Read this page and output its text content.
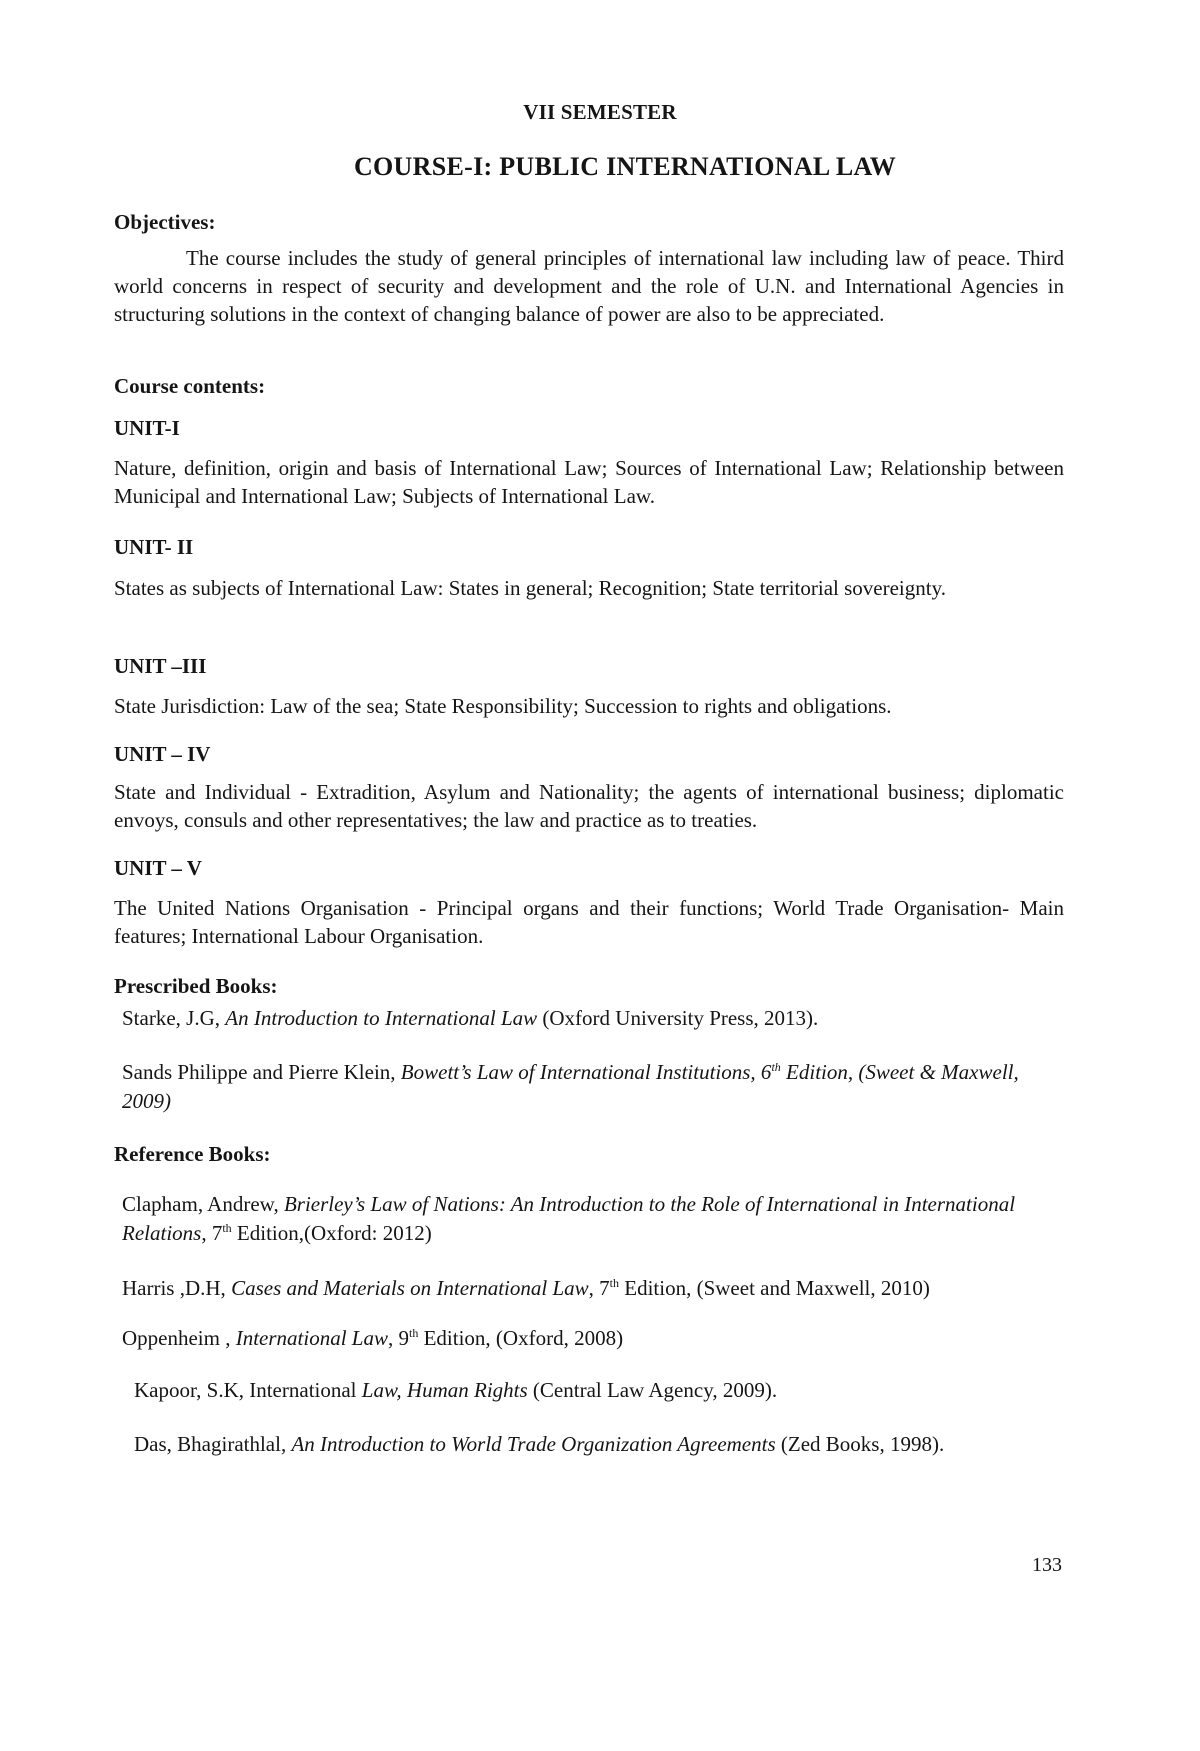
VII SEMESTER
COURSE-I: PUBLIC INTERNATIONAL LAW
Objectives:
The course includes the study of general principles of international law including law of peace. Third world concerns in respect of security and development and the role of U.N. and International Agencies in structuring solutions in the context of changing balance of power are also to be appreciated.
Course contents:
UNIT-I
Nature, definition, origin and basis of International Law; Sources of International Law; Relationship between Municipal and International Law; Subjects of International Law.
UNIT- II
States as subjects of International Law: States in general; Recognition; State territorial sovereignty.
UNIT –III
State Jurisdiction: Law of the sea; State Responsibility; Succession to rights and obligations.
UNIT – IV
State and Individual - Extradition, Asylum and Nationality; the agents of international business; diplomatic envoys, consuls and other representatives; the law and practice as to treaties.
UNIT – V
The United Nations Organisation - Principal organs and their functions; World Trade Organisation- Main features; International Labour Organisation.
Prescribed Books:
Starke, J.G, An Introduction to International Law (Oxford University Press, 2013).
Sands Philippe and Pierre Klein, Bowett’s Law of International Institutions, 6th Edition, (Sweet & Maxwell, 2009)
Reference Books:
Clapham, Andrew, Brierley’s Law of Nations: An Introduction to the Role of International in International Relations, 7th Edition,(Oxford: 2012)
Harris ,D.H, Cases and Materials on International Law, 7th Edition, (Sweet and Maxwell, 2010)
Oppenheim , International Law, 9th Edition, (Oxford, 2008)
Kapoor, S.K, International Law, Human Rights (Central Law Agency, 2009).
Das, Bhagirathlal, An Introduction to World Trade Organization Agreements (Zed Books, 1998).
133
